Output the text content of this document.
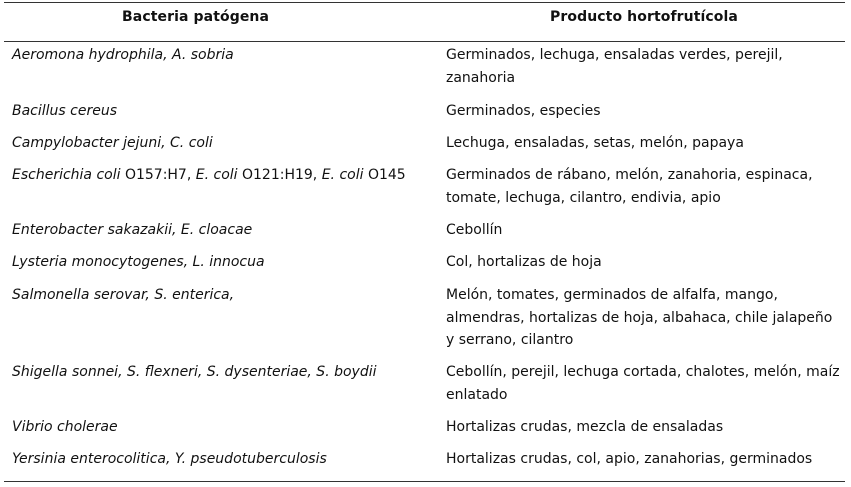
Bacteria patógena	Producto hortofrutícola
Aeromona hydrophila, A. sobria	Germinados, lechuga, ensaladas verdes, perejil, zanahoria
Bacillus cereus	Germinados, especies
Campylobacter jejuni, C. coli	Lechuga, ensaladas, setas, melón, papaya
Escherichia coli O157:H7, E. coli O121:H19, E. coli O145	Germinados de rábano, melón, zanahoria, espinaca, tomate, lechuga, cilantro, endivia, apio
Enterobacter sakazakii, E. cloacae	Cebollín
Lysteria monocytogenes, L. innocua	Col, hortalizas de hoja
Salmonella serovar, S. enterica,	Melón, tomates, germinados de alfalfa, mango, almendras, hortalizas de hoja, albahaca, chile jalapeño y serrano, cilantro
Shigella sonnei, S. flexneri, S. dysenteriae, S. boydii	Cebollín, perejil, lechuga cortada, chalotes, melón, maíz enlatado
Vibrio cholerae	Hortalizas crudas, mezcla de ensaladas
Yersinia enterocolitica, Y. pseudotuberculosis	Hortalizas crudas, col, apio, zanahorias, germinados
